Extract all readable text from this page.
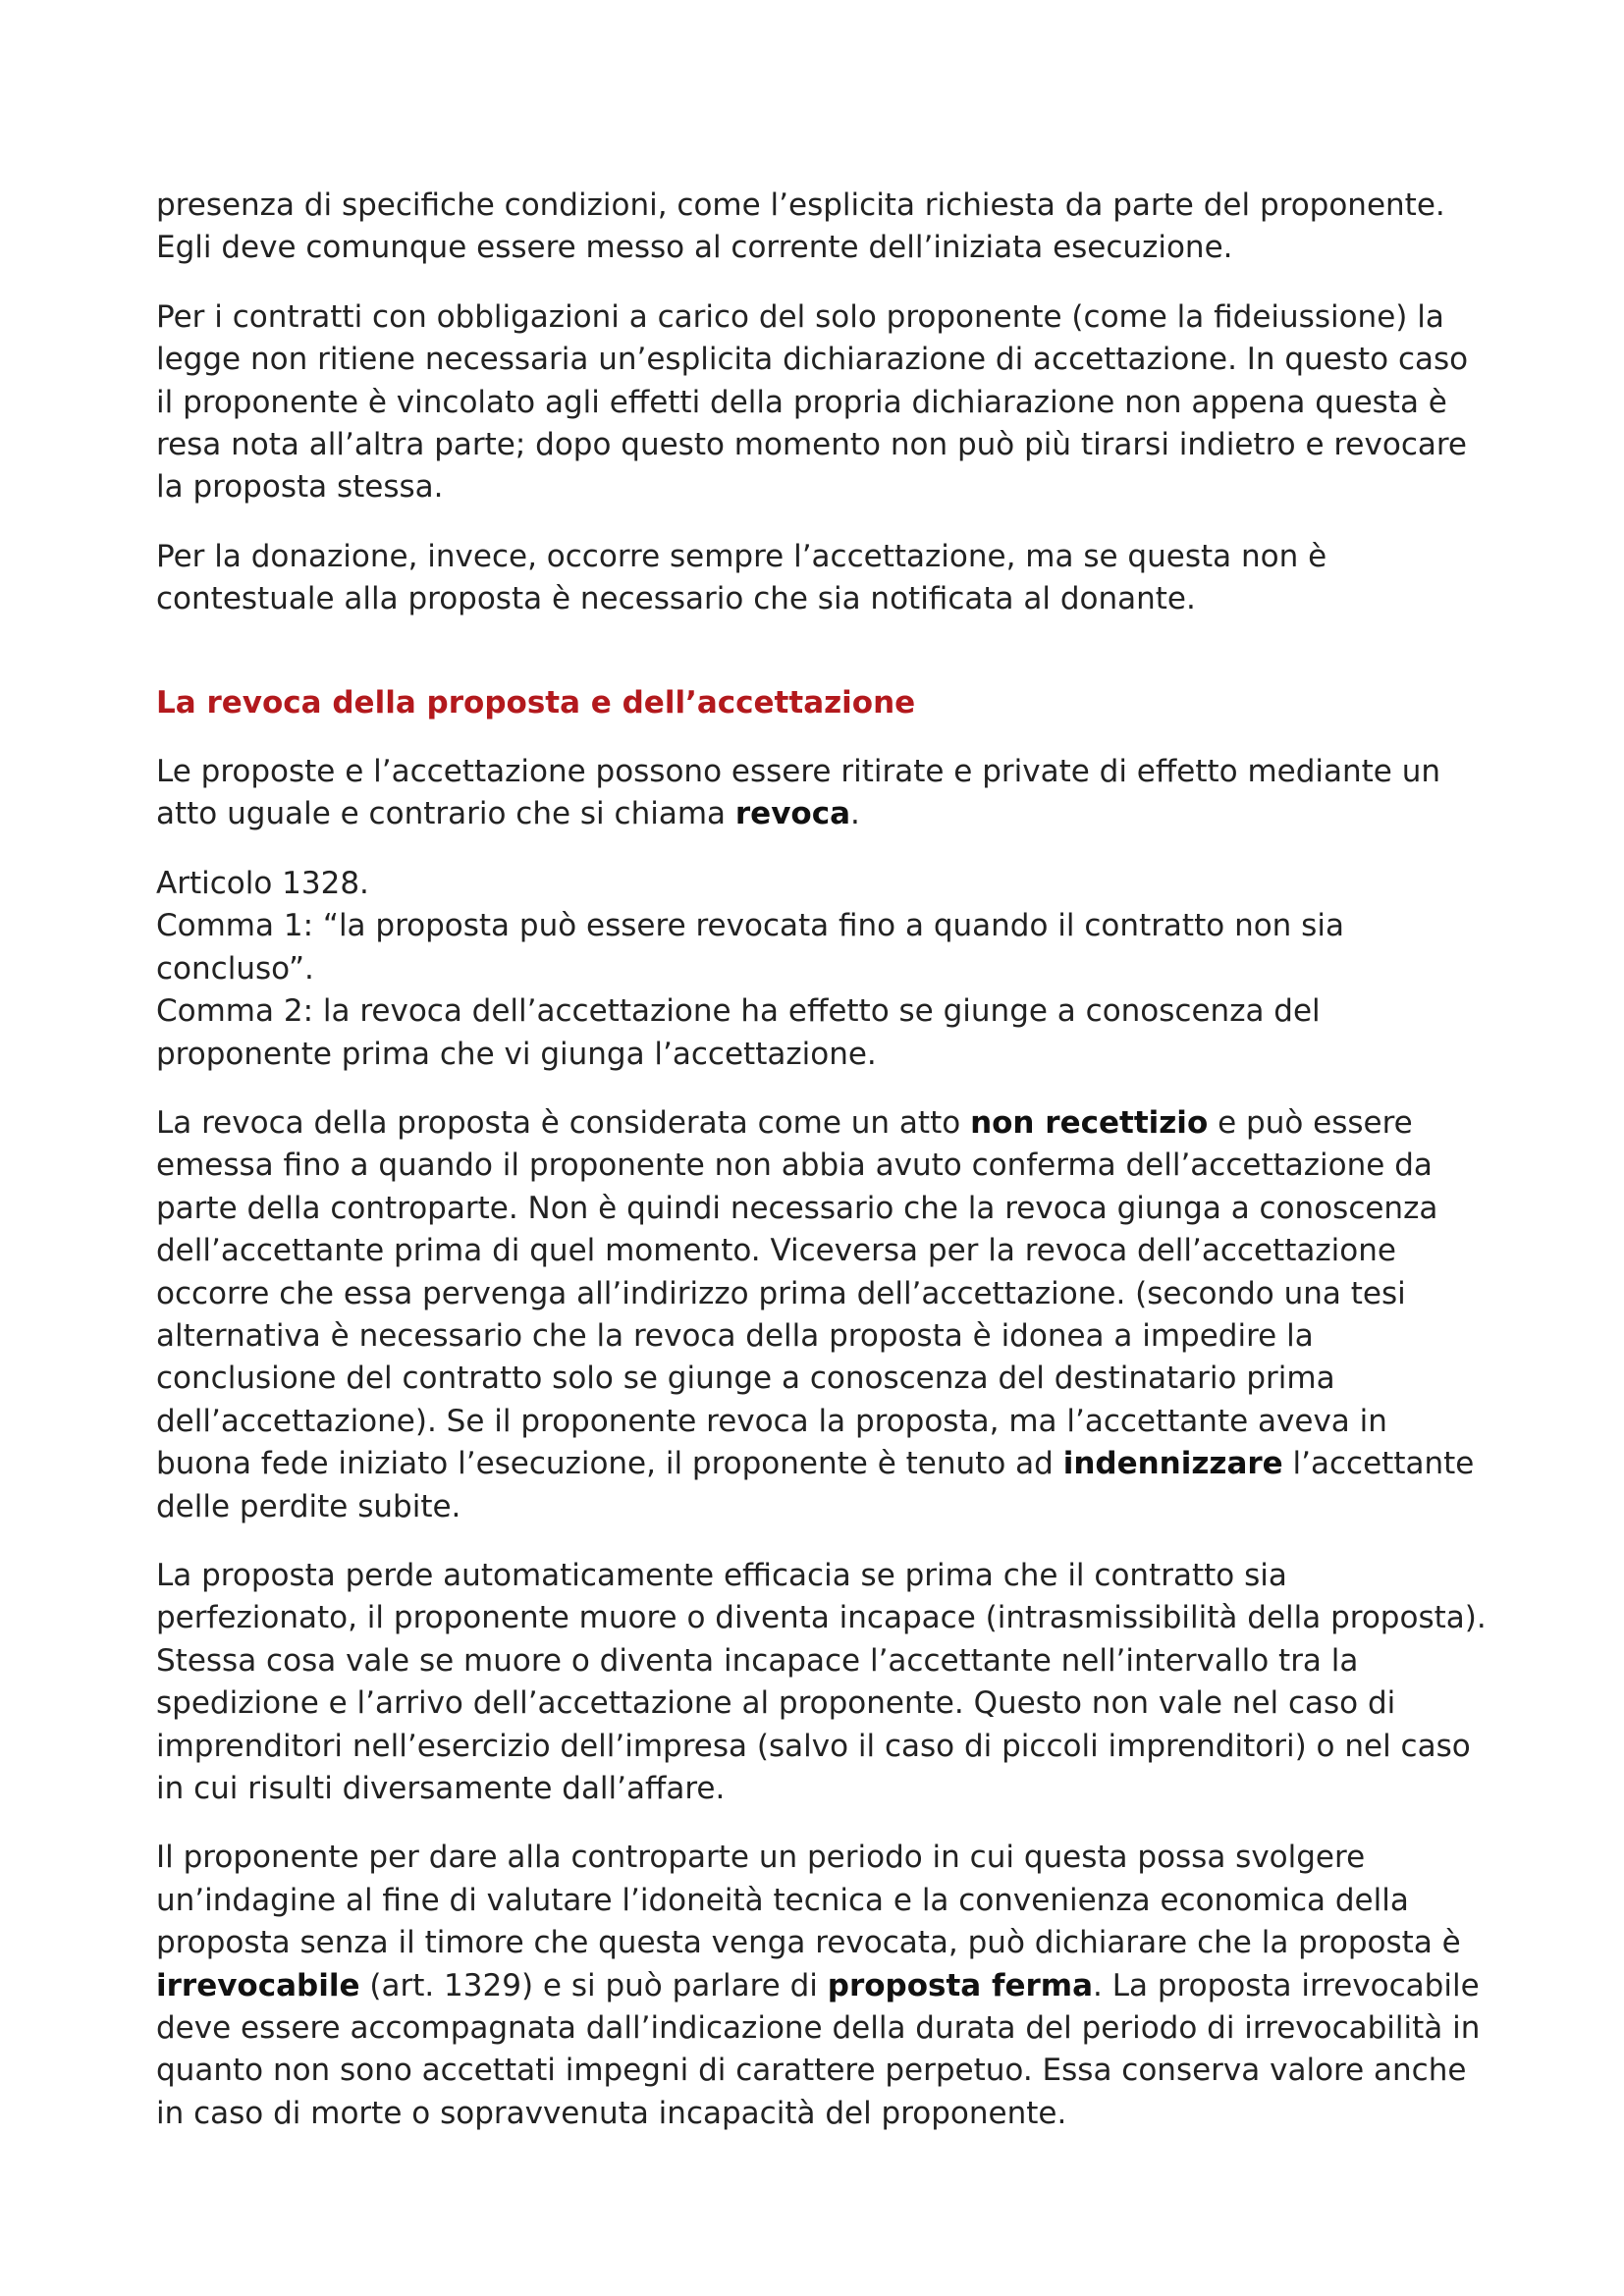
presenza di specifiche condizioni, come l’esplicita richiesta da parte del proponente.
Egli deve comunque essere messo al corrente dell’iniziata esecuzione.

Per i contratti con obbligazioni a carico del solo proponente (come la fideiussione) la legge non ritiene necessaria un’esplicita dichiarazione di accettazione. In questo caso il proponente è vincolato agli effetti della propria dichiarazione non appena questa è resa nota all’altra parte; dopo questo momento non può più tirarsi indietro e revocare la proposta stessa.

Per la donazione, invece, occorre sempre l’accettazione, ma se questa non è contestuale alla proposta è necessario che sia notificata al donante.

La revoca della proposta e dell’accettazione

Le proposte e l’accettazione possono essere ritirate e private di effetto mediante un atto uguale e contrario che si chiama revoca.

Articolo 1328.
Comma 1: “la proposta può essere revocata fino a quando il contratto non sia concluso”.
Comma 2: la revoca dell’accettazione ha effetto se giunge a conoscenza del proponente prima che vi giunga l’accettazione.

La revoca della proposta è considerata come un atto non recettizio e può essere emessa fino a quando il proponente non abbia avuto conferma dell’accettazione da parte della controparte. Non è quindi necessario che la revoca giunga a conoscenza dell’accettante prima di quel momento. Viceversa per la revoca dell’accettazione occorre che essa pervenga all’indirizzo prima dell’accettazione. (secondo una tesi alternativa è necessario che la revoca della proposta è idonea a impedire la conclusione del contratto solo se giunge a conoscenza del destinatario prima dell’accettazione). Se il proponente revoca la proposta, ma l’accettante aveva in buona fede iniziato l’esecuzione, il proponente è tenuto ad indennizzare l’accettante delle perdite subite.

La proposta perde automaticamente efficacia se prima che il contratto sia perfezionato, il proponente muore o diventa incapace (intrasmissibilità della proposta). Stessa cosa vale se muore o diventa incapace l’accettante nell’intervallo tra la spedizione e l’arrivo dell’accettazione al proponente. Questo non vale nel caso di imprenditori nell’esercizio dell’impresa (salvo il caso di piccoli imprenditori) o nel caso in cui risulti diversamente dall’affare.

Il proponente per dare alla controparte un periodo in cui questa possa svolgere un’indagine al fine di valutare l’idoneità tecnica e la convenienza economica della proposta senza il timore che questa venga revocata, può dichiarare che la proposta è irrevocabile (art. 1329) e si può parlare di proposta ferma. La proposta irrevocabile deve essere accompagnata dall’indicazione della durata del periodo di irrevocabilità in quanto non sono accettati impegni di carattere perpetuo. Essa conserva valore anche in caso di morte o sopravvenuta incapacità del proponente.
